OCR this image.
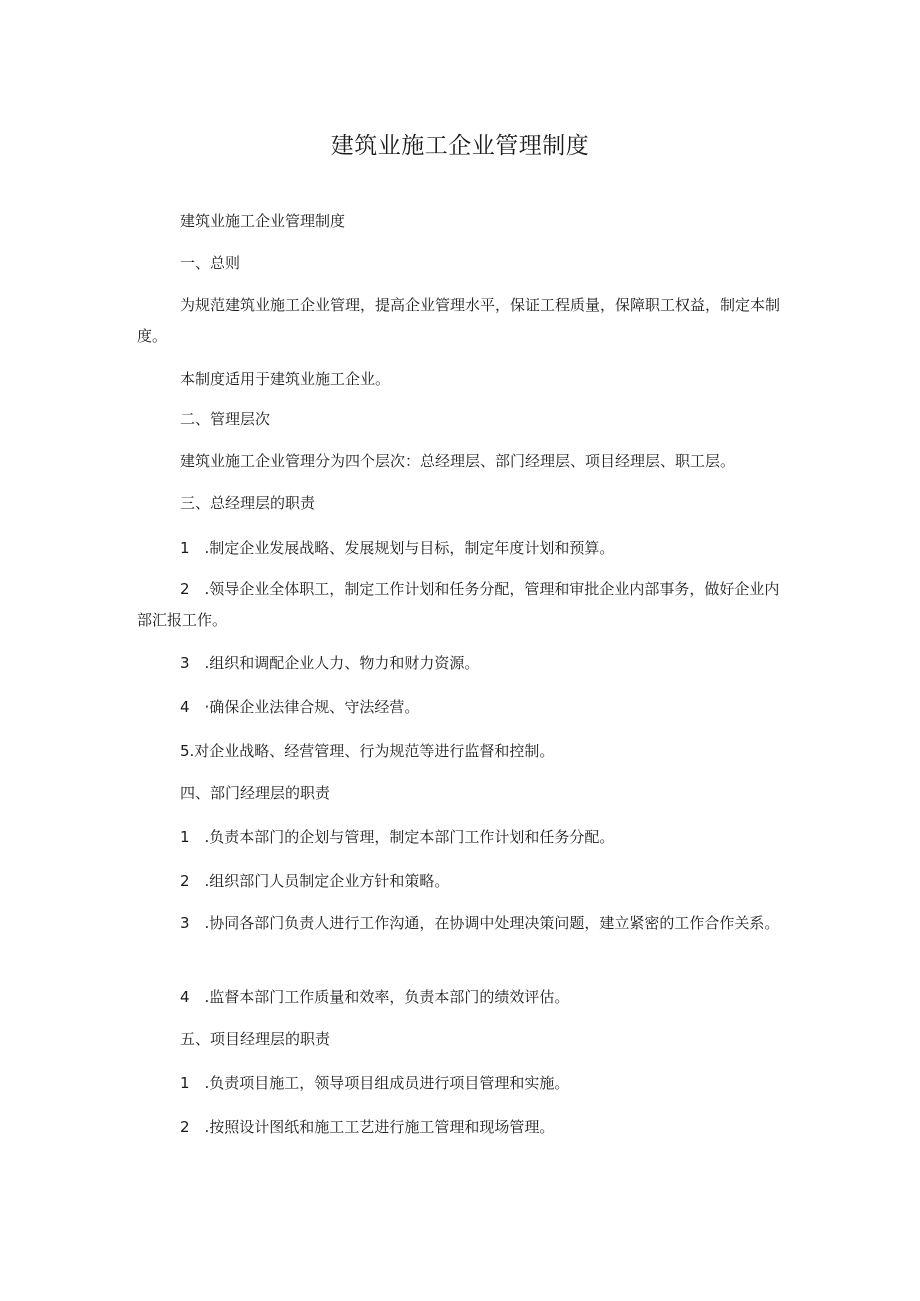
建筑业施工企业管理制度
建筑业施工企业管理制度
一、总则
为规范建筑业施工企业管理，提高企业管理水平，保证工程质量，保障职工权益，制定本制度。
本制度适用于建筑业施工企业。
二、管理层次
建筑业施工企业管理分为四个层次：总经理层、部门经理层、项目经理层、职工层。
三、总经理层的职责
1　.制定企业发展战略、发展规划与目标，制定年度计划和预算。
2　.领导企业全体职工，制定工作计划和任务分配，管理和审批企业内部事务，做好企业内部汇报工作。
3　.组织和调配企业人力、物力和财力资源。
4　·确保企业法律合规、守法经营。
5.对企业战略、经营管理、行为规范等进行监督和控制。
四、部门经理层的职责
1　.负责本部门的企划与管理，制定本部门工作计划和任务分配。
2　.组织部门人员制定企业方针和策略。
3　.协同各部门负责人进行工作沟通，在协调中处理决策问题，建立紧密的工作合作关系。
4　.监督本部门工作质量和效率，负责本部门的绩效评估。
五、项目经理层的职责
1　.负责项目施工，领导项目组成员进行项目管理和实施。
2　.按照设计图纸和施工工艺进行施工管理和现场管理。
